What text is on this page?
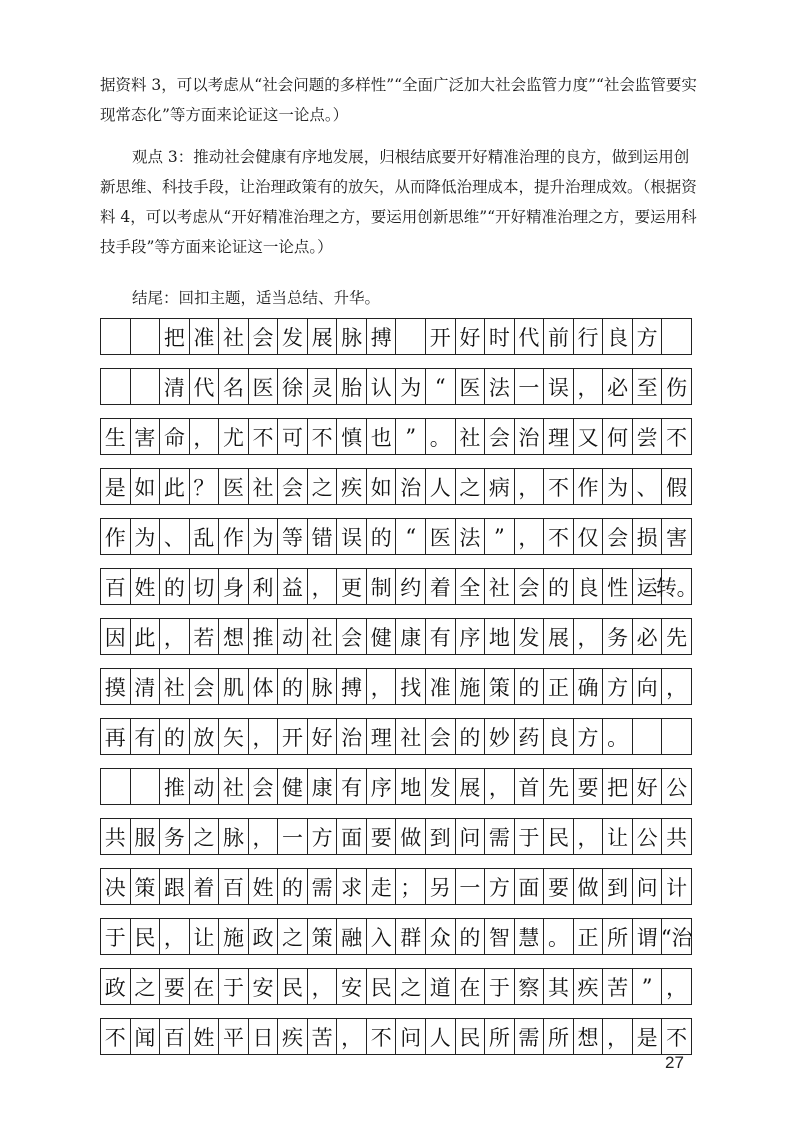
据资料 3，可以考虑从“社会问题的多样性”“全面广泛加大社会监管力度”“社会监管要实现常态化”等方面来论证这一论点。）

观点 3：推动社会健康有序地发展，归根结底要开好精准治理的良方，做到运用创新思维、科技手段，让治理政策有的放矢，从而降低治理成本，提升治理成效。（根据资料 4，可以考虑从“开好精准治理之方，要运用创新思维”“开好精准治理之方，要运用科技手段”等方面来论证这一论点。）

结尾：回扣主题，适当总结、升华。

把 准 社 会 发 展 脉 搏 开 好 时 代 前 行 良 方
清 代 名 医 徐 灵 胎 认 为 “ 医 法 一 误 ， 必 至 伤
生 害 命 ， 尤 不 可 不 慎 也 ” 。 社 会 治 理 又 何 尝 不
是 如 此 ？ 医 社 会 之 疾 如 治 人 之 病 ， 不 作 为 、 假
作 为 、 乱 作 为 等 错 误 的 “ 医 法 ” ， 不 仅 会 损 害
百 姓 的 切 身 利 益 ， 更 制 约 着 全 社 会 的 良 性 运
转。
因 此 ， 若 想 推 动 社 会 健 康 有 序 地 发 展 ， 务 必 先
摸 清 社 会 肌 体 的 脉 搏 ， 找 准 施 策 的 正 确 方 向 ，
再 有 的 放 矢 ， 开 好 治 理 社 会 的 妙 药 良 方 。
推 动 社 会 健 康 有 序 地 发 展 ， 首 先 要 把 好 公
共 服 务 之 脉 ， 一 方 面 要 做 到 问 需 于 民 ， 让 公 共
决 策 跟 着 百 姓 的 需 求 走 ； 另 一 方 面 要 做 到 问 计
于 民 ， 让 施 政 之 策 融 入 群 众 的 智 慧 。 正 所 谓 “治
政 之 要 在 于 安 民 ， 安 民 之 道 在 于 察 其 疾 苦 ” ，
不 闻 百 姓 平 日 疾 苦 ， 不 问 人 民 所 需 所 想 ， 是 不
27
